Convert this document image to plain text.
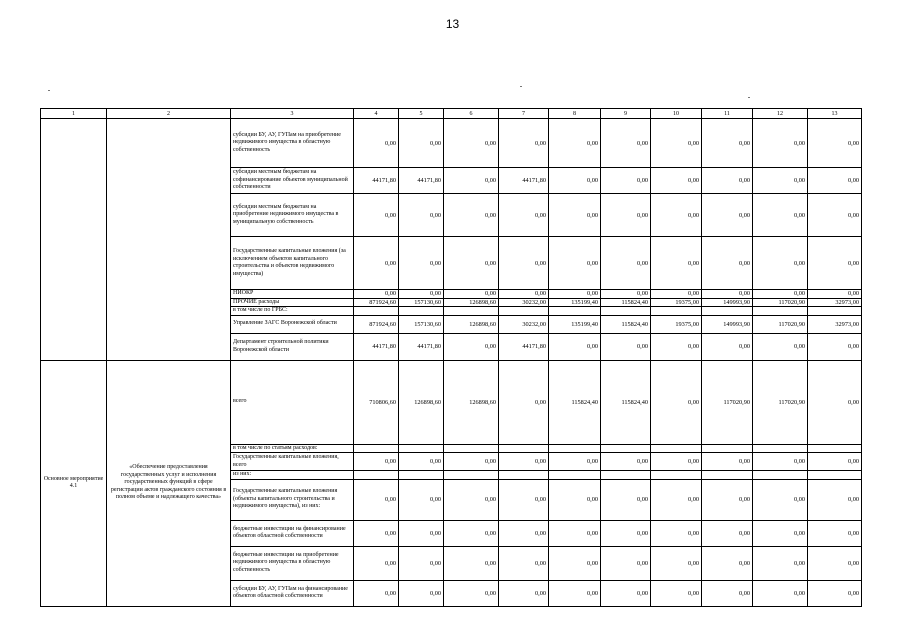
13
1	2	3	4	5	6	7	8	9	10	11	12	13
		субсидии БУ, АУ, ГУПам на приобретение недвижимого имущества в областную собственность	0,00	0,00	0,00	0,00	0,00	0,00	0,00	0,00	0,00	0,00
		субсидии местным бюджетам на софинансирование объектов муниципальной собственности	44171,80	44171,80	0,00	44171,80	0,00	0,00	0,00	0,00	0,00	0,00
		субсидии местным бюджетам на приобретение недвижимого имущества в муниципальную собственность	0,00	0,00	0,00	0,00	0,00	0,00	0,00	0,00	0,00	0,00
		Государственные капитальные вложения (за исключением объектов капитального строительства и объектов недвижимого имущества)	0,00	0,00	0,00	0,00	0,00	0,00	0,00	0,00	0,00	0,00
		НИОКР	0,00	0,00	0,00	0,00	0,00	0,00	0,00	0,00	0,00	0,00
		ПРОЧИЕ расходы	871924,60	157130,60	126898,60	30232,00	135199,40	115824,40	19375,00	149993,90	117020,90	32973,00
		в том числе по ГРБС:										
		Управление ЗАГС Воронежской области	871924,60	157130,60	126898,60	30232,00	135199,40	115824,40	19375,00	149993,90	117020,90	32973,00
		Департамент строительной политики Воронежской области	44171,80	44171,80	0,00	44171,80	0,00	0,00	0,00	0,00	0,00	0,00
Основное мероприятие 4.1	«Обеспечение предоставления государственных услуг и исполнения государственных функций в сфере регистрации актов гражданского состояния в полном объеме и надлежащего качества»	всего	710806,60	126898,60	126898,60	0,00	115824,40	115824,40	0,00	117020,90	117020,90	0,00
		в том числе по статьям расходов:										
		Государственные капитальные вложения, всего	0,00	0,00	0,00	0,00	0,00	0,00	0,00	0,00	0,00	0,00
		из них:										
		Государственные капитальные вложения (объекты капитального строительства и недвижимого имущества), из них:	0,00	0,00	0,00	0,00	0,00	0,00	0,00	0,00	0,00	0,00
		бюджетные инвестиции на финансирование объектов областной собственности	0,00	0,00	0,00	0,00	0,00	0,00	0,00	0,00	0,00	0,00
		бюджетные инвестиции на приобретение недвижимого имущества в областную собственность	0,00	0,00	0,00	0,00	0,00	0,00	0,00	0,00	0,00	0,00
		субсидии БУ, АУ, ГУПам на финансирование объектов областной собственности	0,00	0,00	0,00	0,00	0,00	0,00	0,00	0,00	0,00	0,00
